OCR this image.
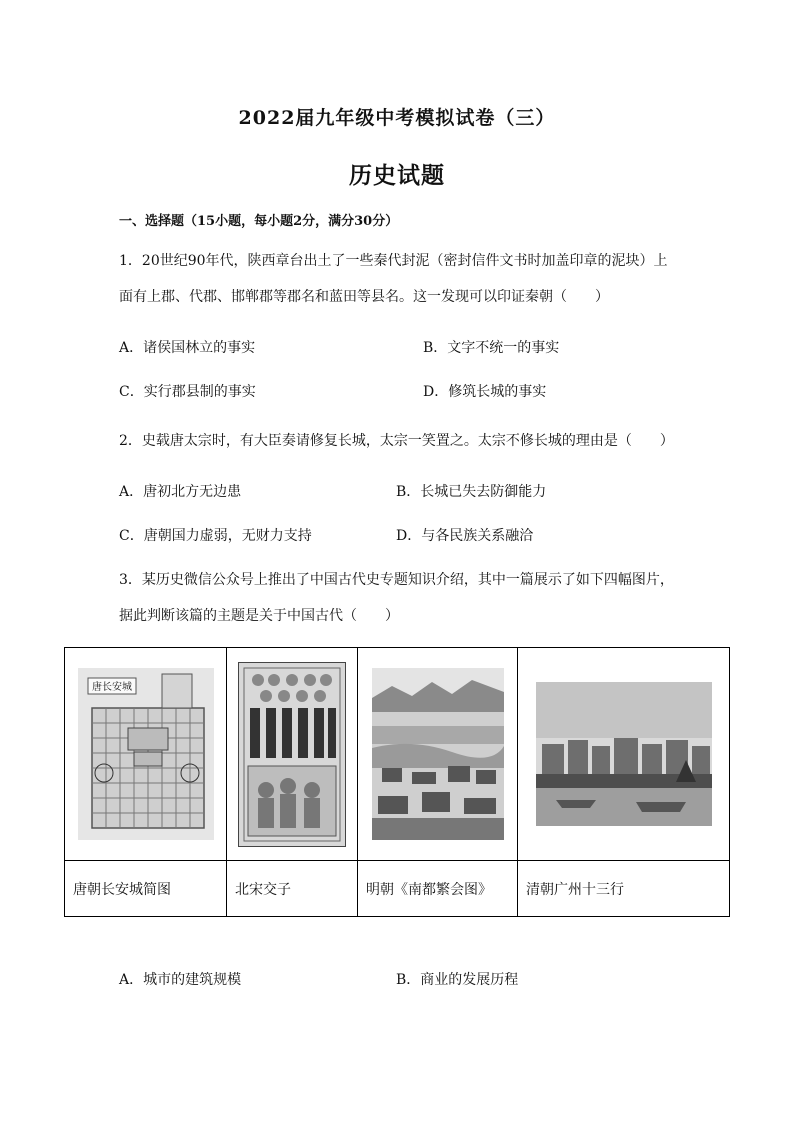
2022届九年级中考模拟试卷（三）
历史试题
一、选择题（15小题，每小题2分，满分30分）
1．20世纪90年代，陕西章台出土了一些秦代封泥（密封信件文书时加盖印章的泥块）上
面有上郡、代郡、邯郸郡等郡名和蓝田等县名。这一发现可以印证秦朝（　　）
A．诸侯国林立的事实	B．文字不统一的事实
C．实行郡县制的事实	D．修筑长城的事实
2．史载唐太宗时，有大臣奏请修复长城，太宗一笑置之。太宗不修长城的理由是（　　）
A．唐初北方无边患	B．长城已失去防御能力
C．唐朝国力虚弱，无财力支持	D．与各民族关系融洽
3．某历史微信公众号上推出了中国古代史专题知识介绍，其中一篇展示了如下四幅图片，
据此判断该篇的主题是关于中国古代（　　）
唐长安城

唐朝长安城简图	北宋交子	明朝《南都繁会图》	清朝广州十三行
A．城市的建筑规模	B．商业的发展历程
